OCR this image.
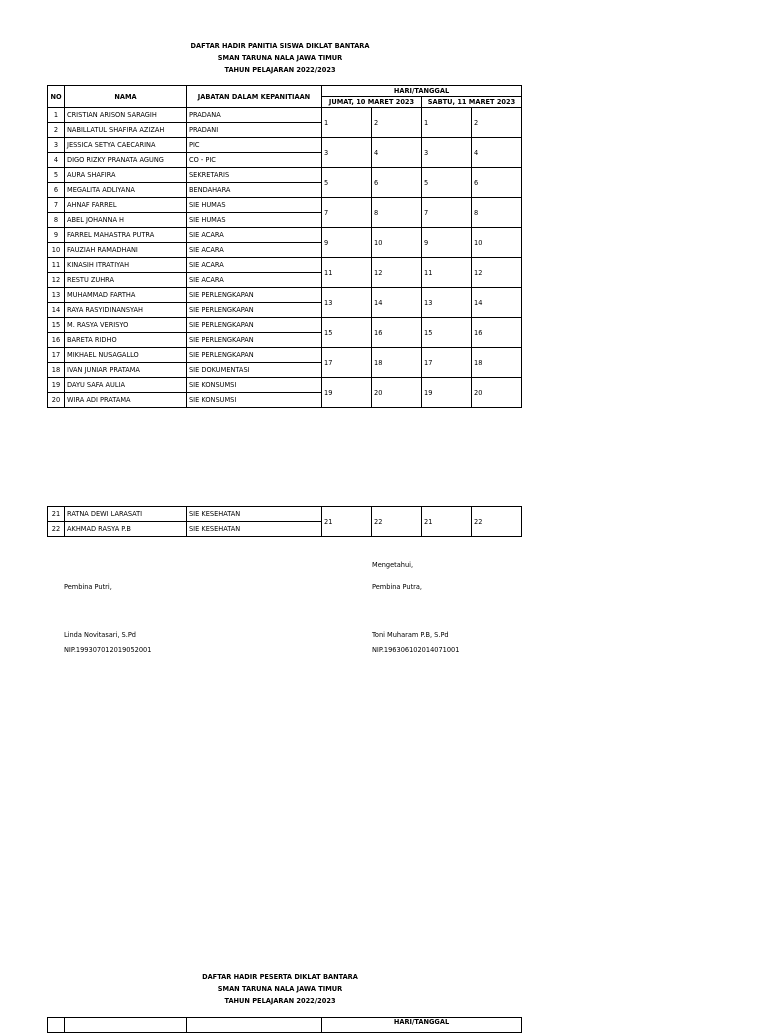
DAFTAR HADIR PANITIA SISWA DIKLAT BANTARA
SMAN TARUNA NALA JAWA TIMUR
TAHUN PELAJARAN 2022/2023
NO	NAMA	JABATAN DALAM KEPANITIAAN	HARI/TANGGAL			
			JUMAT, 10 MARET 2023		SABTU, 11 MARET 2023	
1	CRISTIAN ARISON SARAGIH	PRADANA	1	2	1	2
2	NABILLATUL SHAFIRA AZIZAH	PRADANI				
3	JESSICA SETYA CAECARINA	PIC	3	4	3	4
4	DIGO RIZKY PRANATA AGUNG	CO - PIC				
5	AURA SHAFIRA	SEKRETARIS	5	6	5	6
6	MEGALITA ADLIYANA	BENDAHARA				
7	AHNAF FARREL	SIE HUMAS	7	8	7	8
8	ABEL JOHANNA H	SIE HUMAS				
9	FARREL MAHASTRA PUTRA	SIE ACARA	9	10	9	10
10	FAUZIAH RAMADHANI	SIE ACARA				
11	KINASIH ITRATIYAH	SIE ACARA	11	12	11	12
12	RESTU ZUHRA	SIE ACARA				
13	MUHAMMAD FARTHA	SIE PERLENGKAPAN	13	14	13	14
14	RAYA RASYIDINANSYAH	SIE PERLENGKAPAN				
15	M. RASYA VERISYO	SIE PERLENGKAPAN	15	16	15	16
16	BARETA RIDHO	SIE PERLENGKAPAN				
17	MIKHAEL NUSAGALLO	SIE PERLENGKAPAN	17	18	17	18
18	IVAN JUNIAR PRATAMA	SIE DOKUMENTASI				
19	DAYU SAFA AULIA	SIE KONSUMSI	19	20	19	20
20	WIRA ADI PRATAMA	SIE KONSUMSI				
21	RATNA DEWI LARASATI	SIE KESEHATAN	21	22	21	22
22	AKHMAD RASYA P.B	SIE KESEHATAN				
Mengetahui,
Pembina Putri,	Pembina Putra,
Linda Novitasari, S.Pd
NIP.199307012019052001
Toni Muharam P.B, S.Pd
NIP.196306102014071001
DAFTAR HADIR PESERTA DIKLAT BANTARA
SMAN TARUNA NALA JAWA TIMUR
TAHUN PELAJARAN 2022/2023
			HARI/TANGGAL
